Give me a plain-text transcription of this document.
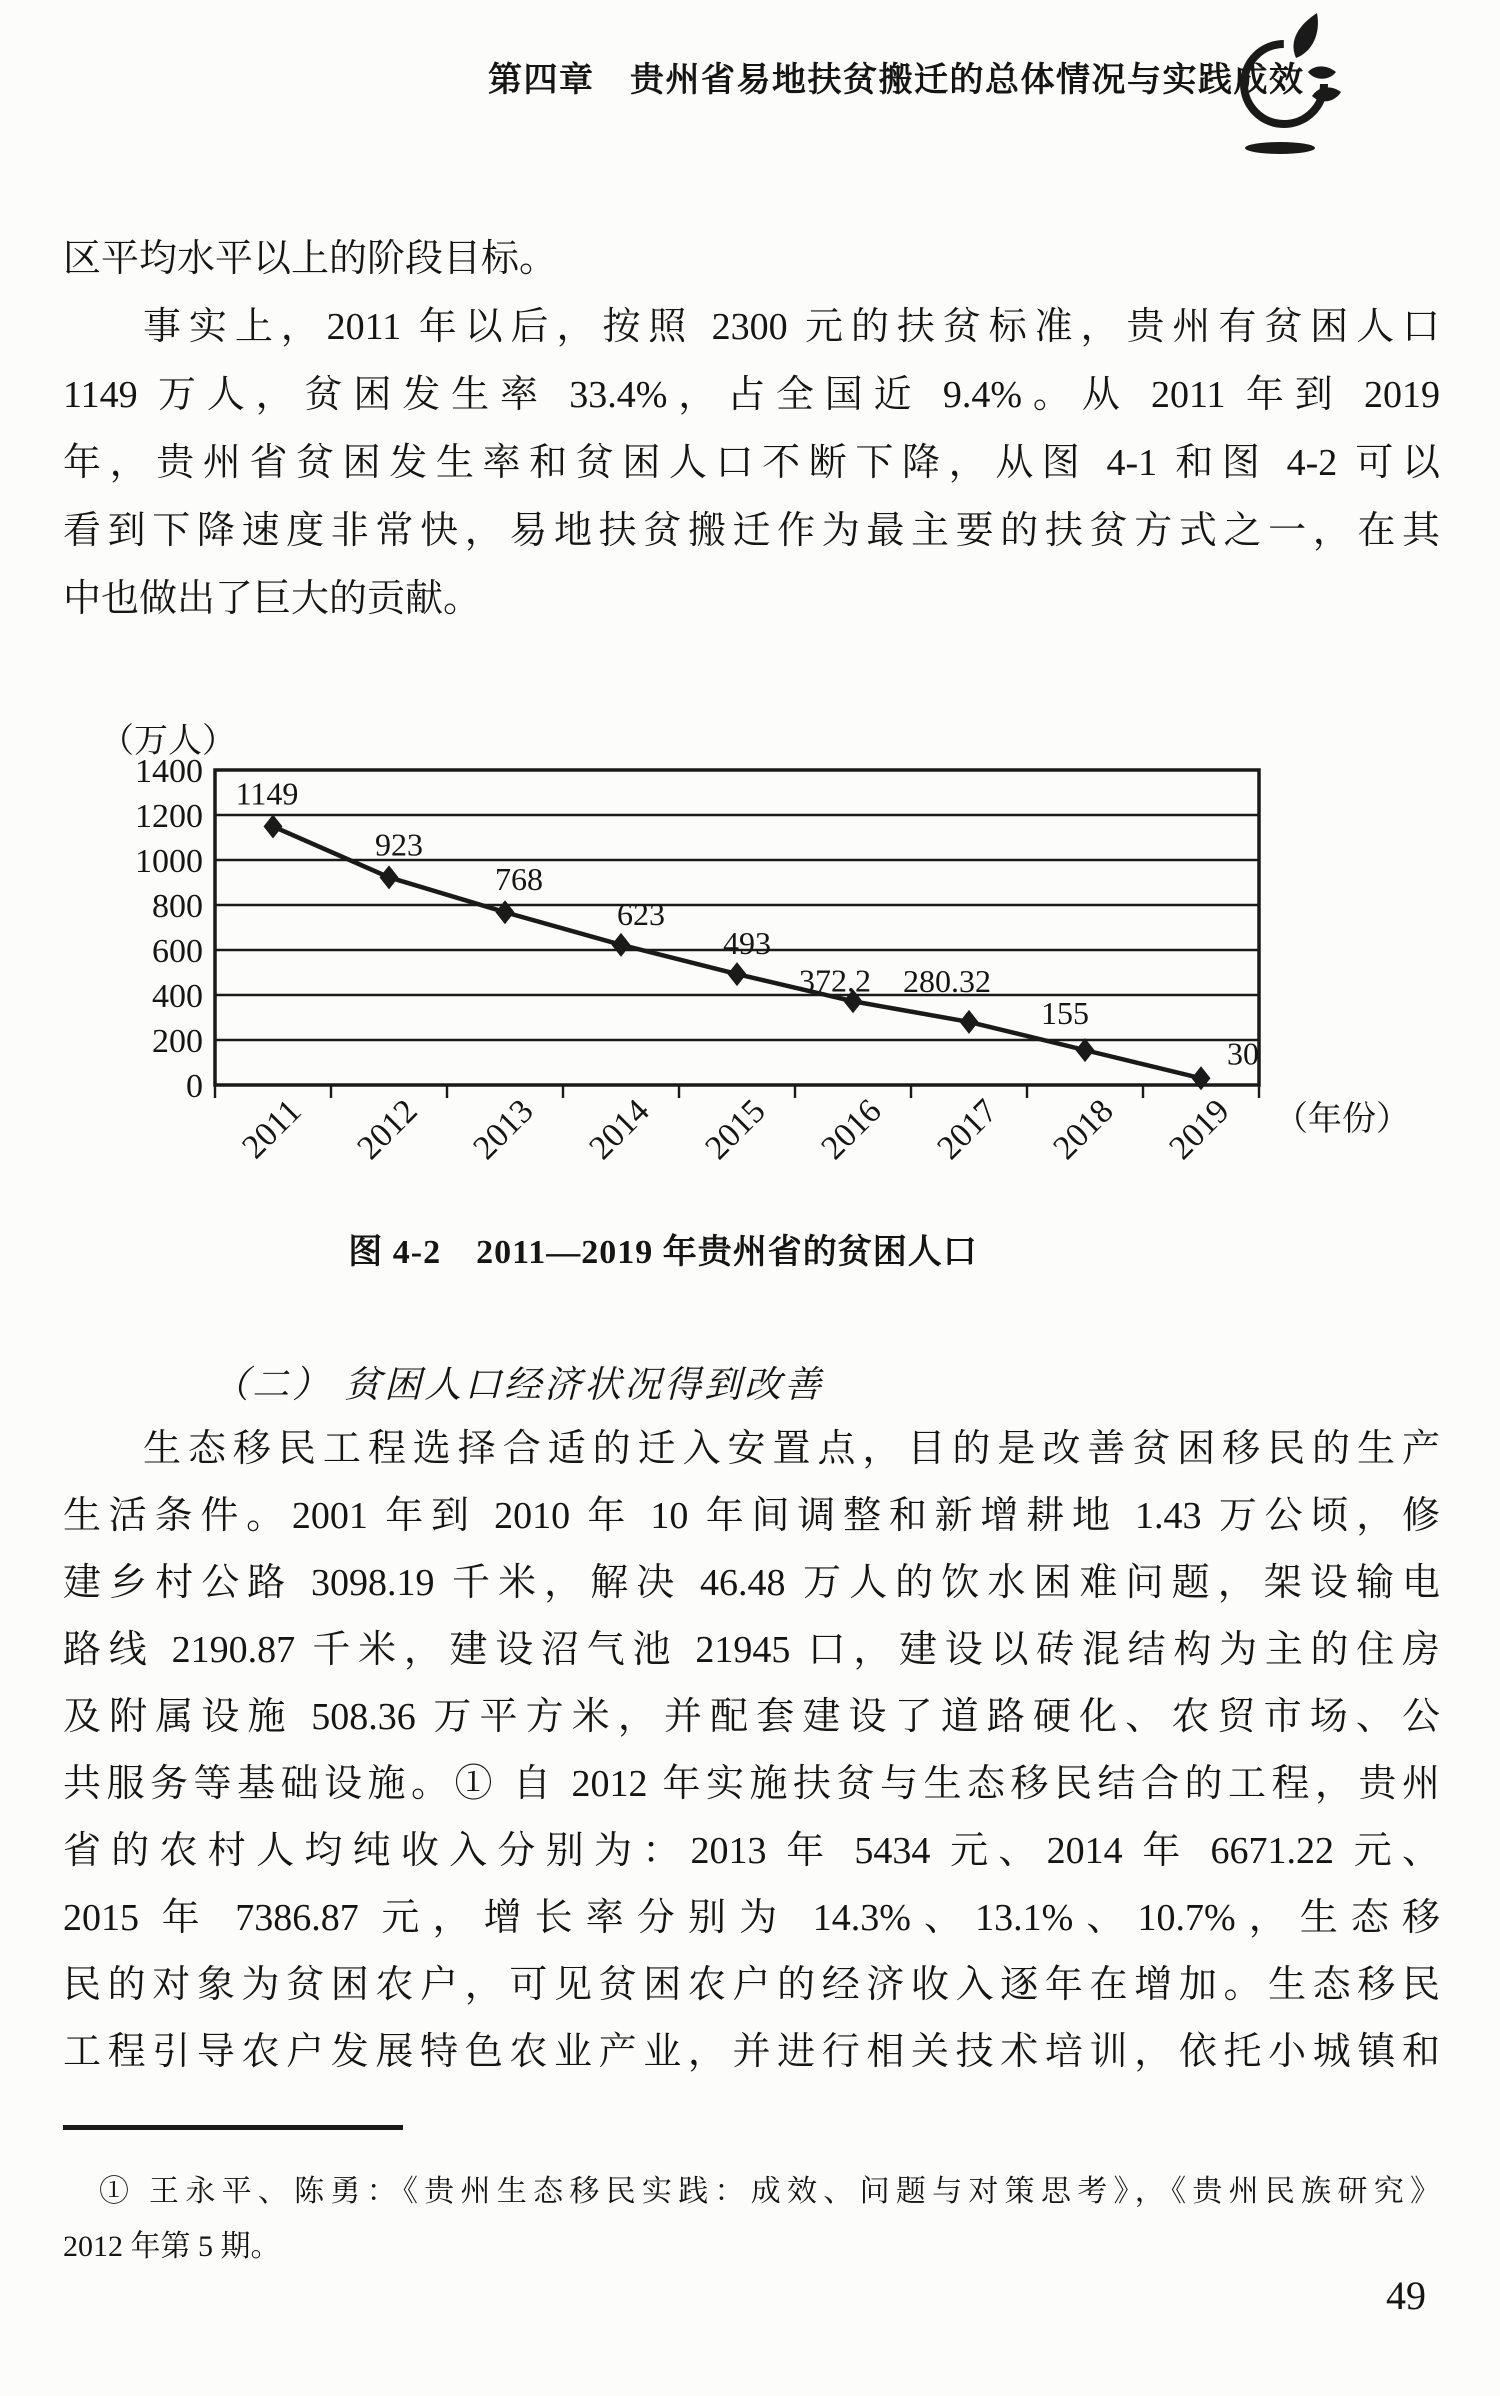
第四章　贵州省易地扶贫搬迁的总体情况与实践成效
区平均水平以上的阶段目标。
事实上，2011 年以后，按照 2300 元的扶贫标准，贵州有贫困人口
1149 万人，贫困发生率 33.4%，占全国近 9.4%。从 2011 年到 2019
年，贵州省贫困发生率和贫困人口不断下降，从图 4-1 和图 4-2 可以
看到下降速度非常快，易地扶贫搬迁作为最主要的扶贫方式之一，在其
中也做出了巨大的贡献。
0
200
400
600
800
1000
1200
1400
（万人）
2011 2012 2013 2014 2015 2016 2017 2018 2019 （年份）
1149
923
768
623
493
372.2 280.32
155
30
图 4-2　2011—2019 年贵州省的贫困人口
（二） 贫困人口经济状况得到改善
生态移民工程选择合适的迁入安置点，目的是改善贫困移民的生产
生活条件。2001 年到 2010 年 10 年间调整和新增耕地 1.43 万公顷，修
建乡村公路 3098.19 千米，解决 46.48 万人的饮水困难问题，架设输电
路线 2190.87 千米，建设沼气池 21945 口，建设以砖混结构为主的住房
及附属设施 508.36 万平方米，并配套建设了道路硬化、农贸市场、公
共服务等基础设施。① 自 2012 年实施扶贫与生态移民结合的工程，贵州
省的农村人均纯收入分别为：2013 年 5434 元、2014 年 6671.22 元、
2015 年 7386.87 元，增长率分别为 14.3%、13.1%、10.7%，生态移
民的对象为贫困农户，可见贫困农户的经济收入逐年在增加。生态移民
工程引导农户发展特色农业产业，并进行相关技术培训，依托小城镇和
① 王永平、陈勇：《贵州生态移民实践：成效、问题与对策思考》，《贵州民族研究》
2012 年第 5 期。
49
